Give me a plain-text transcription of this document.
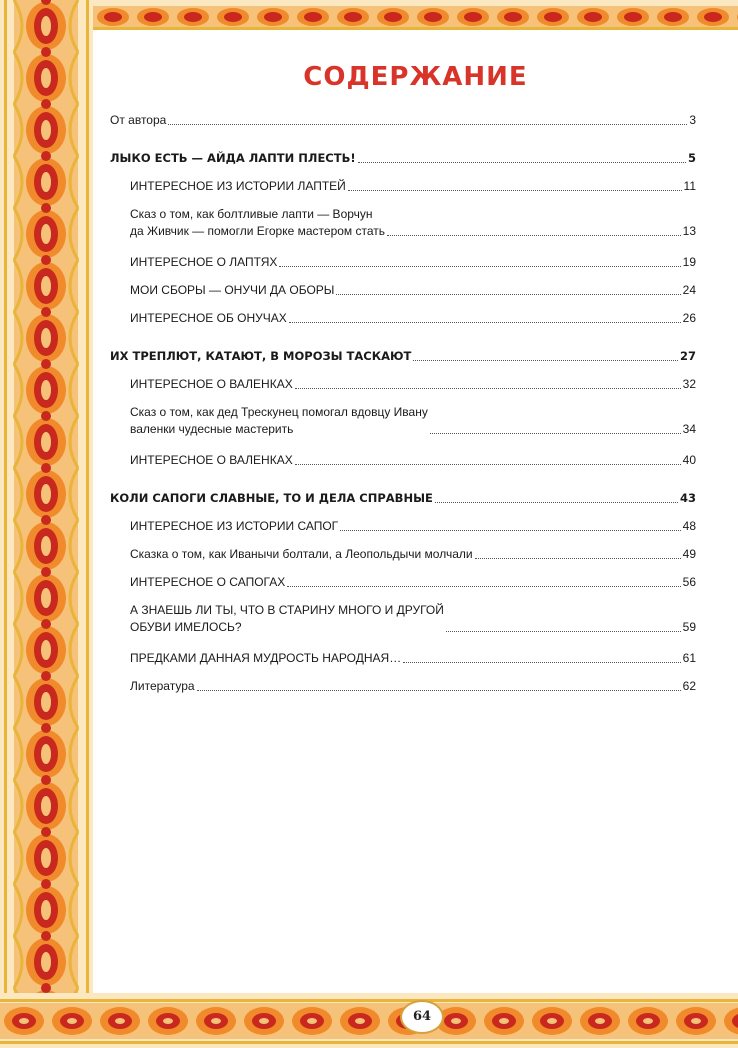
СОДЕРЖАНИЕ
От автора	3
ЛЫКО ЕСТЬ — АЙДА ЛАПТИ ПЛЕСТЬ!	5
ИНТЕРЕСНОЕ ИЗ ИСТОРИИ ЛАПТЕЙ	11
Сказ о том, как болтливые лапти — Ворчун
да Живчик — помогли Егорке мастером стать	13
ИНТЕРЕСНОЕ О ЛАПТЯХ	19
МОИ СБОРЫ — ОНУЧИ ДА ОБОРЫ	24
ИНТЕРЕСНОЕ ОБ ОНУЧАХ	26
ИХ ТРЕПЛЮТ, КАТАЮТ, В МОРОЗЫ ТАСКАЮТ	27
ИНТЕРЕСНОЕ О ВАЛЕНКАХ	32
Сказ о том, как дед Трескунец помогал вдовцу Ивану
валенки чудесные мастерить	34
ИНТЕРЕСНОЕ О ВАЛЕНКАХ	40
КОЛИ САПОГИ СЛАВНЫЕ, ТО И ДЕЛА СПРАВНЫЕ	43
ИНТЕРЕСНОЕ ИЗ ИСТОРИИ САПОГ	48
Сказка о том, как Иванычи болтали, а Леопольдычи молчали	49
ИНТЕРЕСНОЕ О САПОГАХ	56
А ЗНАЕШЬ ЛИ ТЫ, ЧТО В СТАРИНУ МНОГО И ДРУГОЙ
ОБУВИ ИМЕЛОСЬ?	59
ПРЕДКАМИ ДАННАЯ МУДРОСТЬ НАРОДНАЯ…	61
Литература	62
64
